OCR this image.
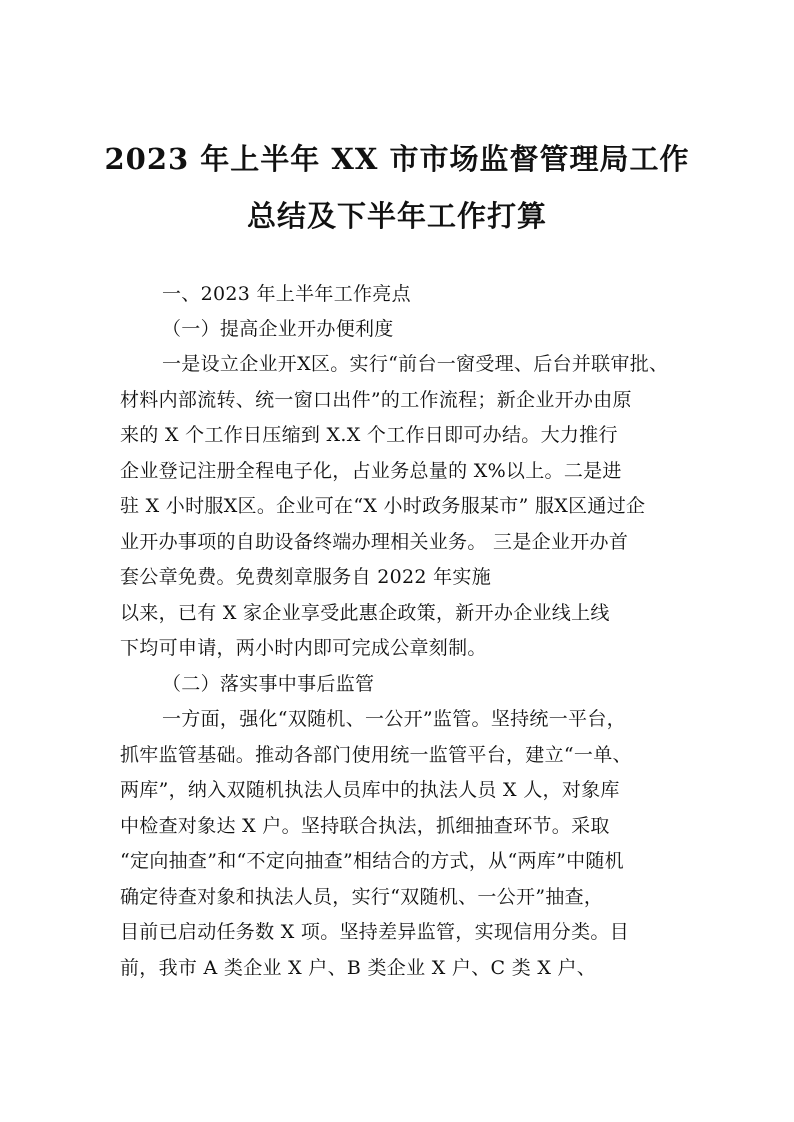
2023 年上半年 XX 市市场监督管理局工作
总结及下半年工作打算
一、2023 年上半年工作亮点
（一）提高企业开办便利度
一是设立企业开X区。实行“前台一窗受理、后台并联审批、
材料内部流转、统一窗口出件”的工作流程；新企业开办由原
来的 X 个工作日压缩到 X.X 个工作日即可办结。大力推行
企业登记注册全程电子化，占业务总量的 X%以上。二是进
驻 X 小时服X区。企业可在“X 小时政务服某市” 服X区通过企
业开办事项的自助设备终端办理相关业务。 三是企业开办首
套公章免费。免费刻章服务自 2022 年实施
以来，已有 X 家企业享受此惠企政策，新开办企业线上线
下均可申请，两小时内即可完成公章刻制。
（二）落实事中事后监管
一方面，强化“双随机、一公开”监管。坚持统一平台，
抓牢监管基础。推动各部门使用统一监管平台，建立“一单、
两库”，纳入双随机执法人员库中的执法人员 X 人，对象库
中检查对象达 X 户。坚持联合执法，抓细抽查环节。采取
“定向抽查”和“不定向抽查”相结合的方式，从“两库”中随机
确定待查对象和执法人员，实行“双随机、一公开”抽查，
目前已启动任务数 X 项。坚持差异监管，实现信用分类。目
前，我市 A 类企业 X 户、B 类企业 X 户、C 类 X 户、
